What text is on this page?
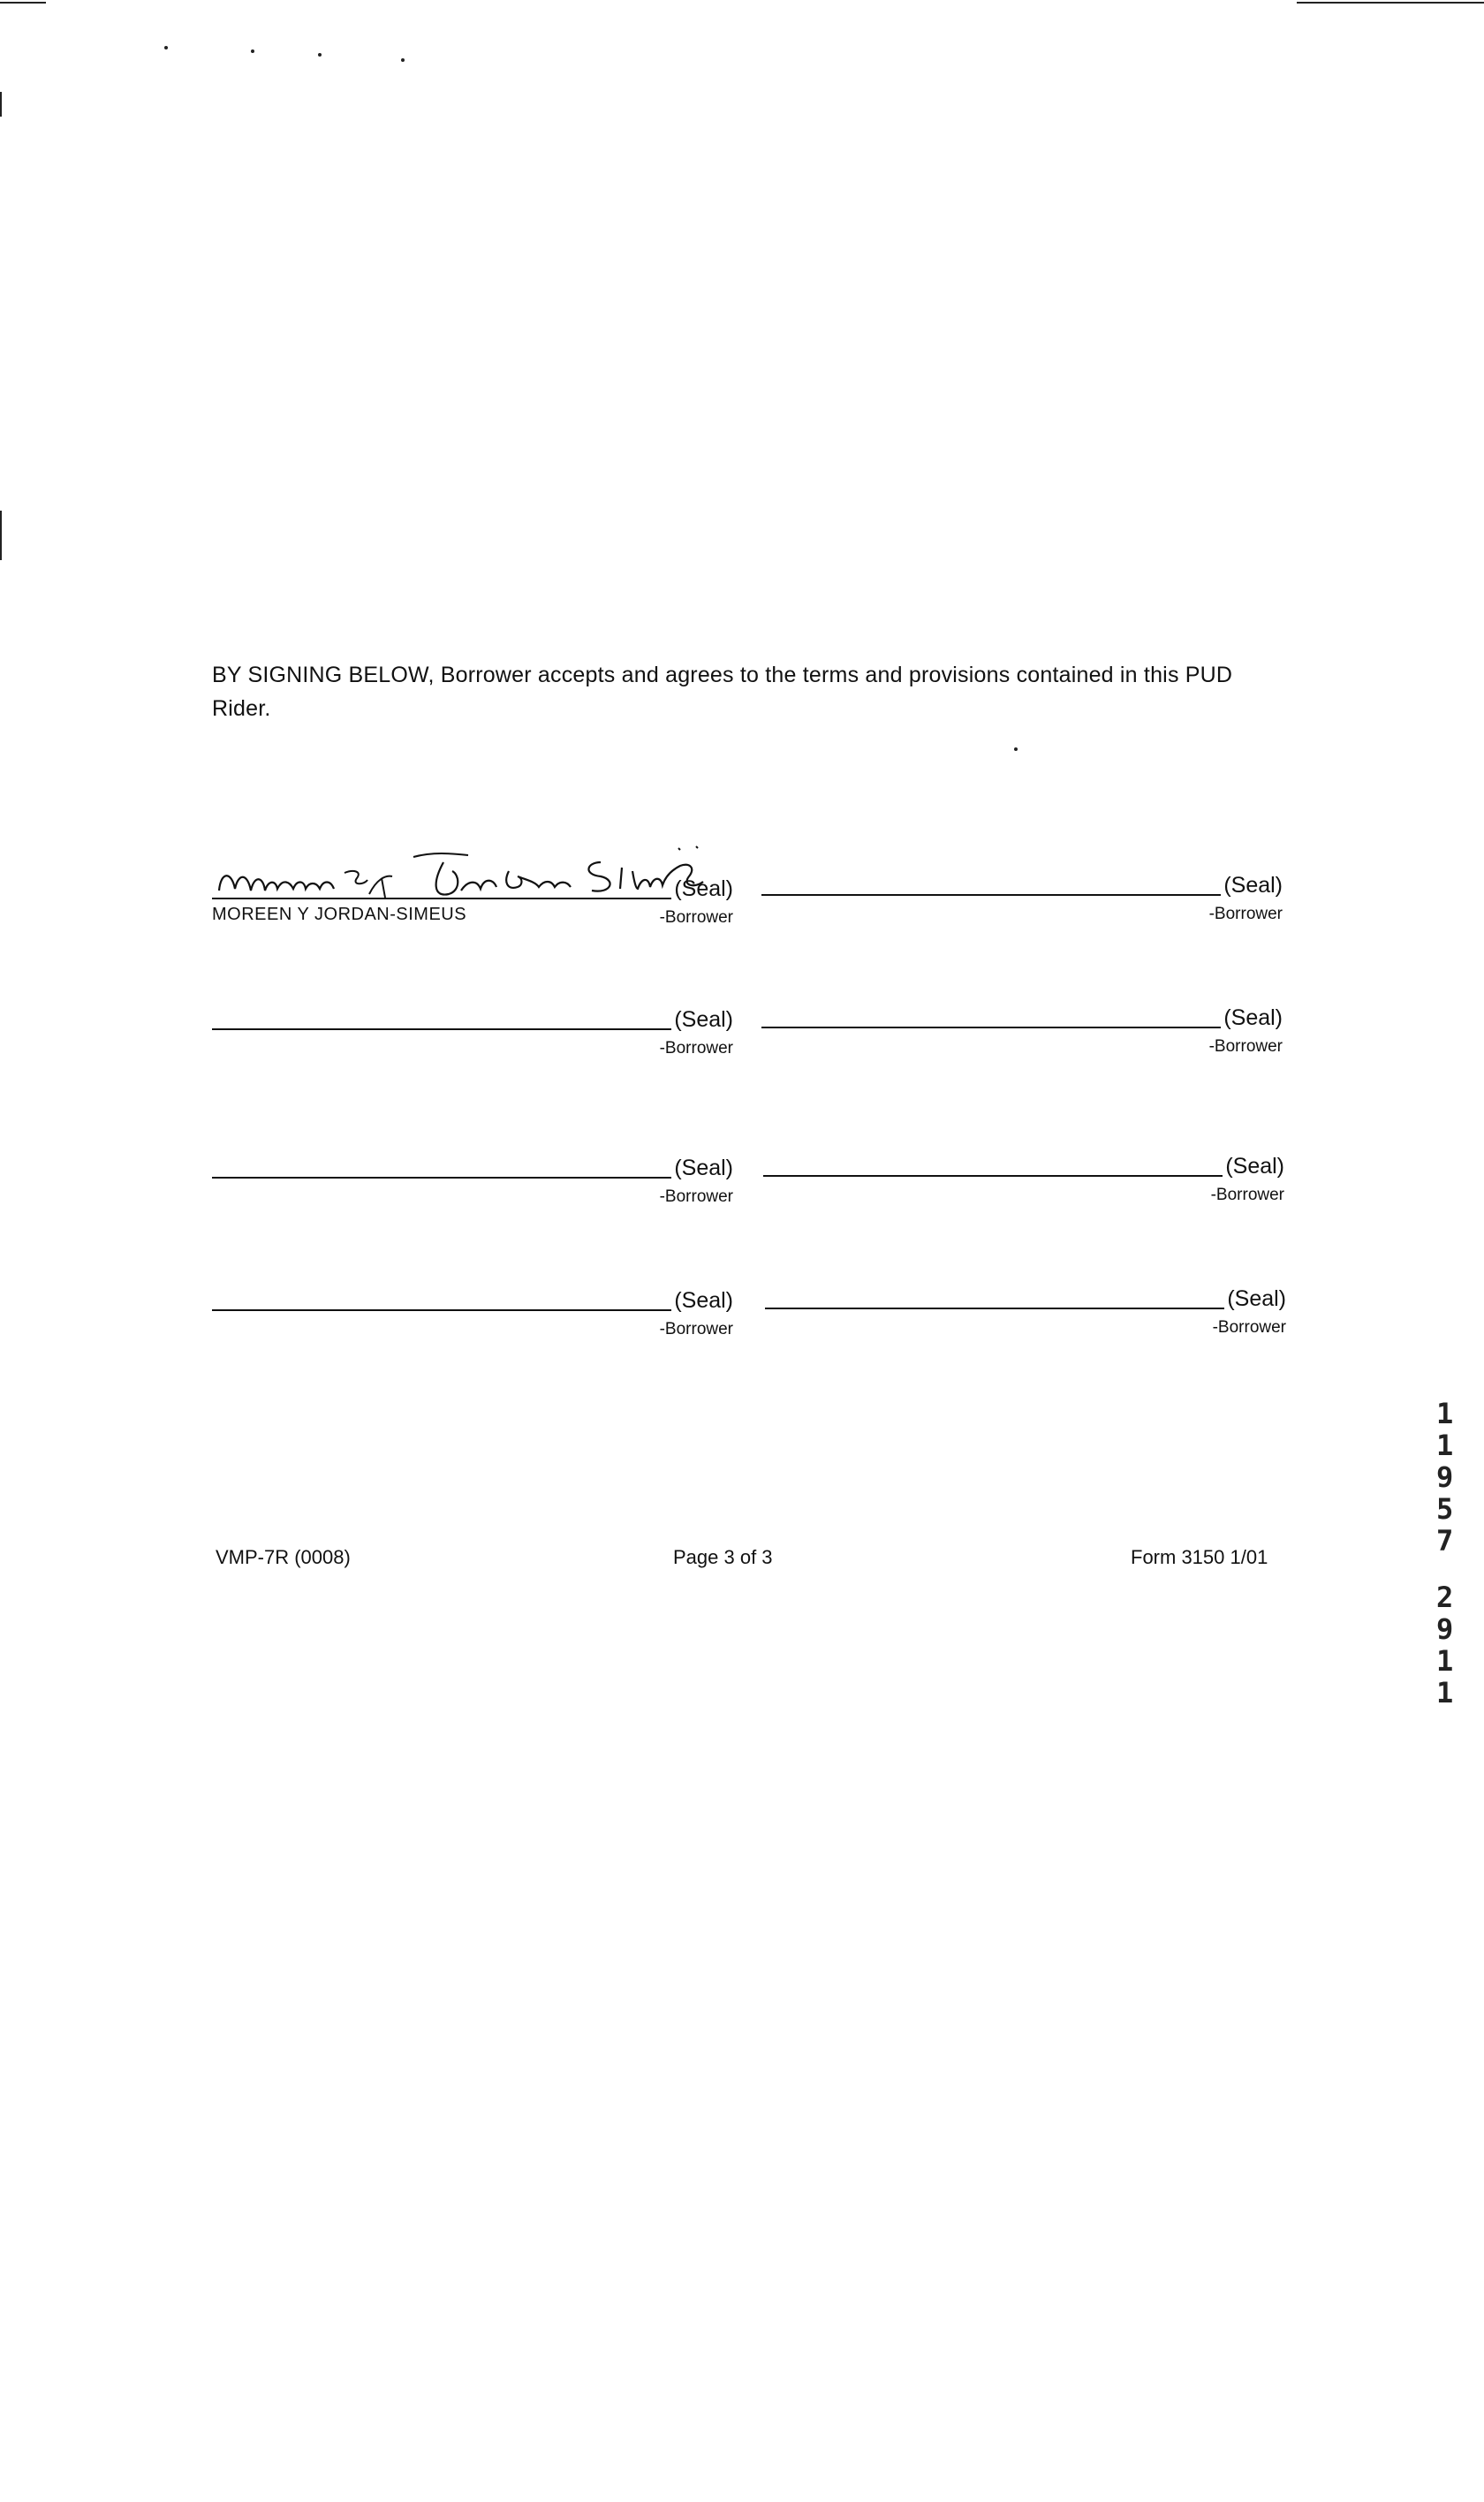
BY SIGNING BELOW, Borrower accepts and agrees to the terms and provisions contained in this PUD Rider.
(Seal)
MOREEN Y JORDAN-SIMEUS	-Borrower
(Seal)
-Borrower
(Seal)
-Borrower
(Seal)
-Borrower
(Seal)
-Borrower
(Seal)
-Borrower
(Seal)
-Borrower
(Seal)
-Borrower
VMP-7R (0008)	Page 3 of 3	Form 3150 1/01
1
1
9
5
7
2
9
1
1
